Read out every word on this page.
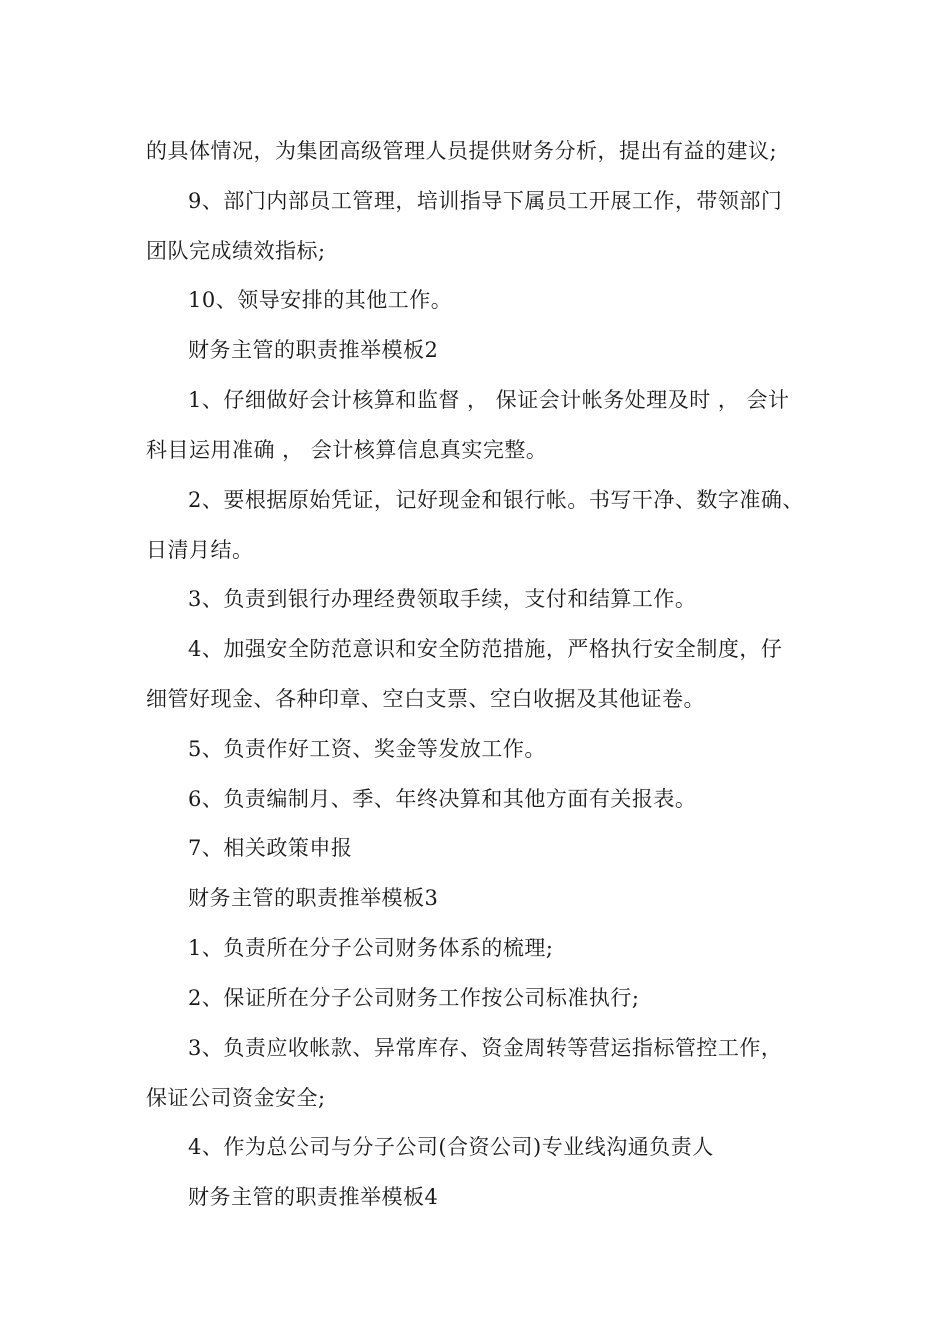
的具体情况，为集团高级管理人员提供财务分析，提出有益的建议;
9、部门内部员工管理，培训指导下属员工开展工作，带领部门
团队完成绩效指标;
10、领导安排的其他工作。
财务主管的职责推举模板2
1、仔细做好会计核算和监督 ， 保证会计帐务处理及时 ， 会计
科目运用准确 ， 会计核算信息真实完整。
2、要根据原始凭证，记好现金和银行帐。书写干净、数字准确、
日清月结。
3、负责到银行办理经费领取手续，支付和结算工作。
4、加强安全防范意识和安全防范措施，严格执行安全制度，仔
细管好现金、各种印章、空白支票、空白收据及其他证卷。
5、负责作好工资、奖金等发放工作。
6、负责编制月、季、年终决算和其他方面有关报表。
7、相关政策申报
财务主管的职责推举模板3
1、负责所在分子公司财务体系的梳理;
2、保证所在分子公司财务工作按公司标准执行;
3、负责应收帐款、异常库存、资金周转等营运指标管控工作，
保证公司资金安全;
4、作为总公司与分子公司(合资公司)专业线沟通负责人
财务主管的职责推举模板4
